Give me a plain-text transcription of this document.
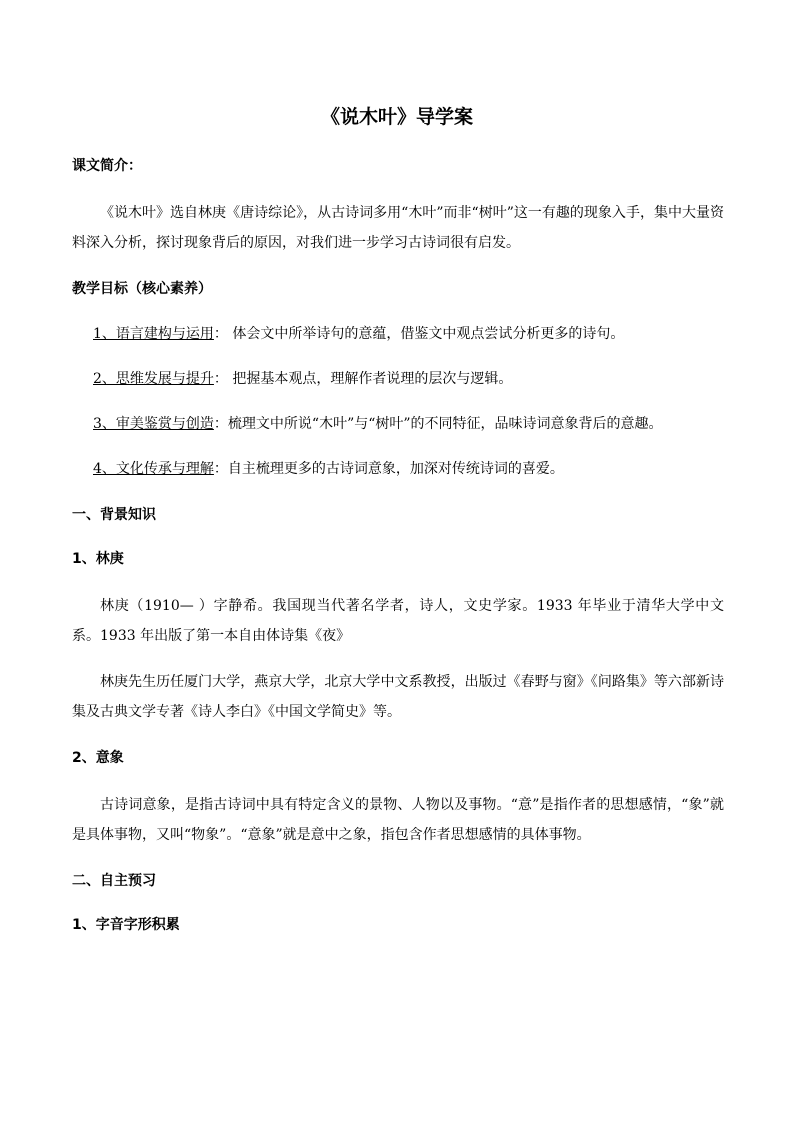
《说木叶》导学案
课文简介：
《说木叶》选自林庚《唐诗综论》，从古诗词多用“木叶”而非“树叶”这一有趣的现象入手，集中大量资料深入分析，探讨现象背后的原因，对我们进一步学习古诗词很有启发。
教学目标（核心素养）
1、语言建构与运用： 体会文中所举诗句的意蕴，借鉴文中观点尝试分析更多的诗句。
2、思维发展与提升： 把握基本观点，理解作者说理的层次与逻辑。
3、审美鉴赏与创造：梳理文中所说“木叶”与“树叶”的不同特征，品味诗词意象背后的意趣。
4、文化传承与理解：自主梳理更多的古诗词意象，加深对传统诗词的喜爱。
一、背景知识
1、林庚
林庚（1910— ）字静希。我国现当代著名学者，诗人，文史学家。1933 年毕业于清华大学中文系。1933 年出版了第一本自由体诗集《夜》
林庚先生历任厦门大学，燕京大学，北京大学中文系教授，出版过《春野与窗》《问路集》等六部新诗集及古典文学专著《诗人李白》《中国文学简史》等。
2、意象
古诗词意象，是指古诗词中具有特定含义的景物、人物以及事物。“意”是指作者的思想感情，“象”就是具体事物，又叫“物象”。“意象”就是意中之象，指包含作者思想感情的具体事物。
二、自主预习
1、字音字形积累
